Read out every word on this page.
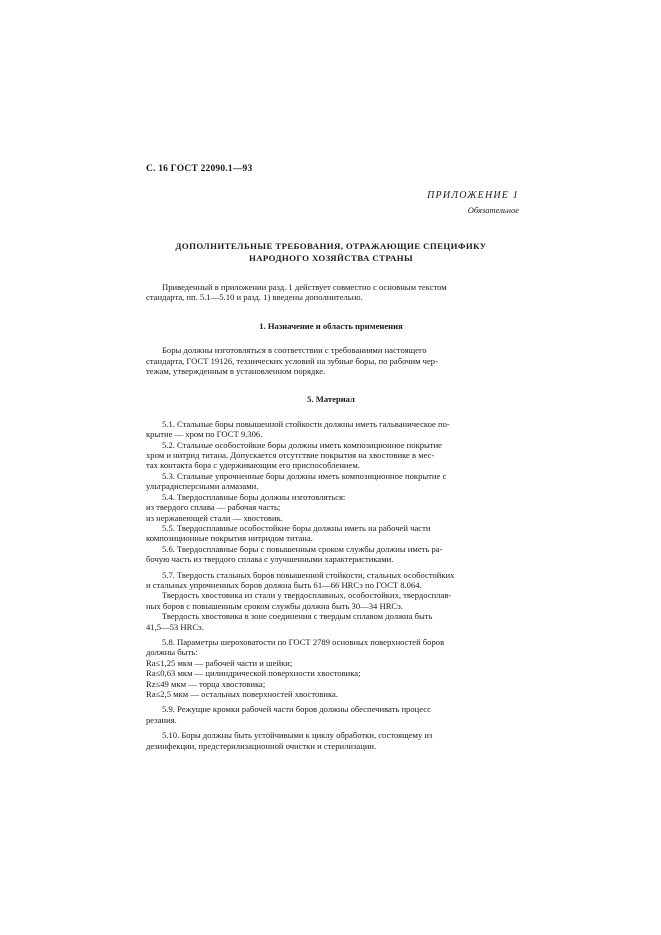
С. 16 ГОСТ 22090.1—93
ПРИЛОЖЕНИЕ 1
Обязательное
ДОПОЛНИТЕЛЬНЫЕ ТРЕБОВАНИЯ, ОТРАЖАЮЩИЕ СПЕЦИФИКУ
НАРОДНОГО ХОЗЯЙСТВА СТРАНЫ

Приведенный в приложении разд. 1 действует совместно с основным текстом

стандарта, пп. 5.1—5.10 и разд. 1) введены дополнительно.

1. Назначение и область применения

Боры должны изготовляться в соответствии с требованиями настоящего

стандарта, ГОСТ 19126, технических условий на зубные боры, по рабочим чер-

тежам, утвержденным в установленном порядке.

5. Материал

5.1. Стальные боры повышенной стойкости должны иметь гальваническое по-

крытие — хром по ГОСТ 9.306.

5.2. Стальные особостойкие боры должны иметь композиционное покрытие

хром и нитрид титана. Допускается отсутствие покрытия на хвостовике в мес-

тах контакта бора с удерживающим его приспособлением.

5.3. Стальные упрочненные боры должны иметь композиционное покрытие с

ультрадисперсными алмазами.

5.4. Твердосплавные боры должны изготовляться:

из твердого сплава — рабочая часть;

из нержавеющей стали — хвостовик.

5.5. Твердосплавные особостойкие боры должны иметь на рабочей части

композиционные покрытия нитридом титана.

5.6. Твердосплавные боры с повышенным сроком службы должны иметь ра-

бочую часть из твердого сплава с улучшенными характеристиками.

5.7. Твердость стальных боров повышенной стойкости, стальных особостойких

и стальных упрочненных боров должна быть 61—66 HRCэ по ГОСТ 8.064.

Твердость хвостовика из стали у твердосплавных, особостойких, твердосплав-

ных боров с повышенным сроком службы должна быть 30—34 HRCэ.

Твердость хвостовика в зоне соединения с твердым сплавом должна быть

41,5—53 HRCэ.

5.8. Параметры шероховатости по ГОСТ 2789 основных поверхностей боров

должны быть:

Ra≤1,25 мкм — рабочей части и шейки;

Ra≤0,63 мкм — цилиндрической поверхности хвостовика;

Rz≤49 мкм — торца хвостовика;

Ra≤2,5 мкм — остальных поверхностей хвостовика.

5.9. Режущие кромки рабочей части боров должны обеспечивать процесс

резания.

5.10. Боры должны быть устойчивыми к циклу обработки, состоящему из

дезинфекции, предстерилизационной очистки и стерилизации.
